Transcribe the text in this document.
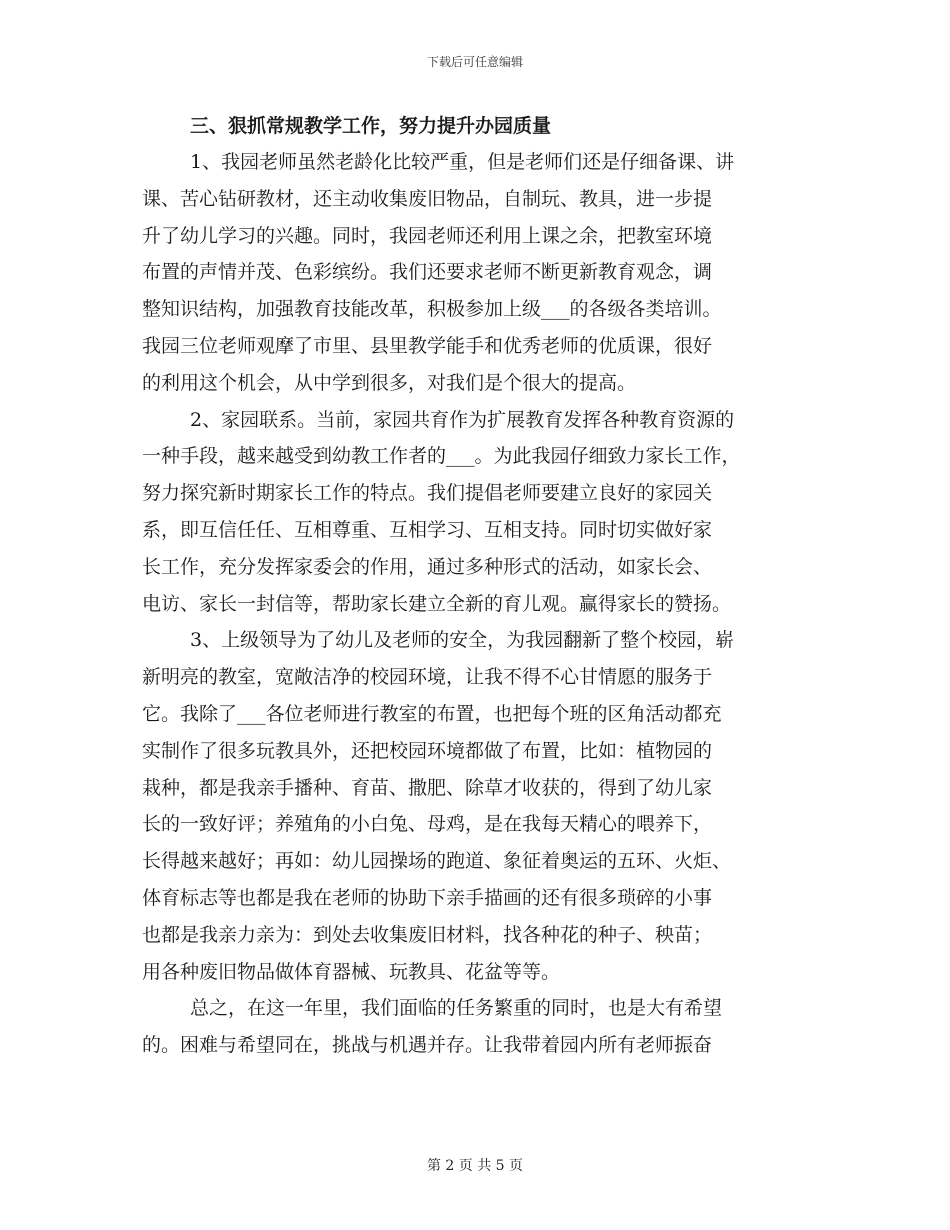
下载后可任意编辑
三、狠抓常规教学工作，努力提升办园质量
1、我园老师虽然老龄化比较严重，但是老师们还是仔细备课、讲
课、苦心钻研教材，还主动收集废旧物品，自制玩、教具，进一步提
升了幼儿学习的兴趣。同时，我园老师还利用上课之余，把教室环境
布置的声情并茂、色彩缤纷。我们还要求老师不断更新教育观念，调
整知识结构，加强教育技能改革，积极参加上级___的各级各类培训。
我园三位老师观摩了市里、县里教学能手和优秀老师的优质课，很好
的利用这个机会，从中学到很多，对我们是个很大的提高。
2、家园联系。当前，家园共育作为扩展教育发挥各种教育资源的
一种手段，越来越受到幼教工作者的___。为此我园仔细致力家长工作，
努力探究新时期家长工作的特点。我们提倡老师要建立良好的家园关
系，即互信任任、互相尊重、互相学习、互相支持。同时切实做好家
长工作，充分发挥家委会的作用，通过多种形式的活动，如家长会、
电访、家长一封信等，帮助家长建立全新的育儿观。赢得家长的赞扬。
3、上级领导为了幼儿及老师的安全，为我园翻新了整个校园，崭
新明亮的教室，宽敞洁净的校园环境，让我不得不心甘情愿的服务于
它。我除了___各位老师进行教室的布置，也把每个班的区角活动都充
实制作了很多玩教具外，还把校园环境都做了布置，比如：植物园的
栽种，都是我亲手播种、育苗、撒肥、除草才收获的，得到了幼儿家
长的一致好评；养殖角的小白兔、母鸡，是在我每天精心的喂养下，
长得越来越好；再如：幼儿园操场的跑道、象征着奥运的五环、火炬、
体育标志等也都是我在老师的协助下亲手描画的还有很多琐碎的小事
也都是我亲力亲为：到处去收集废旧材料，找各种花的种子、秧苗；
用各种废旧物品做体育器械、玩教具、花盆等等。
总之，在这一年里，我们面临的任务繁重的同时，也是大有希望
的。困难与希望同在，挑战与机遇并存。让我带着园内所有老师振奋
第 2 页 共 5 页
